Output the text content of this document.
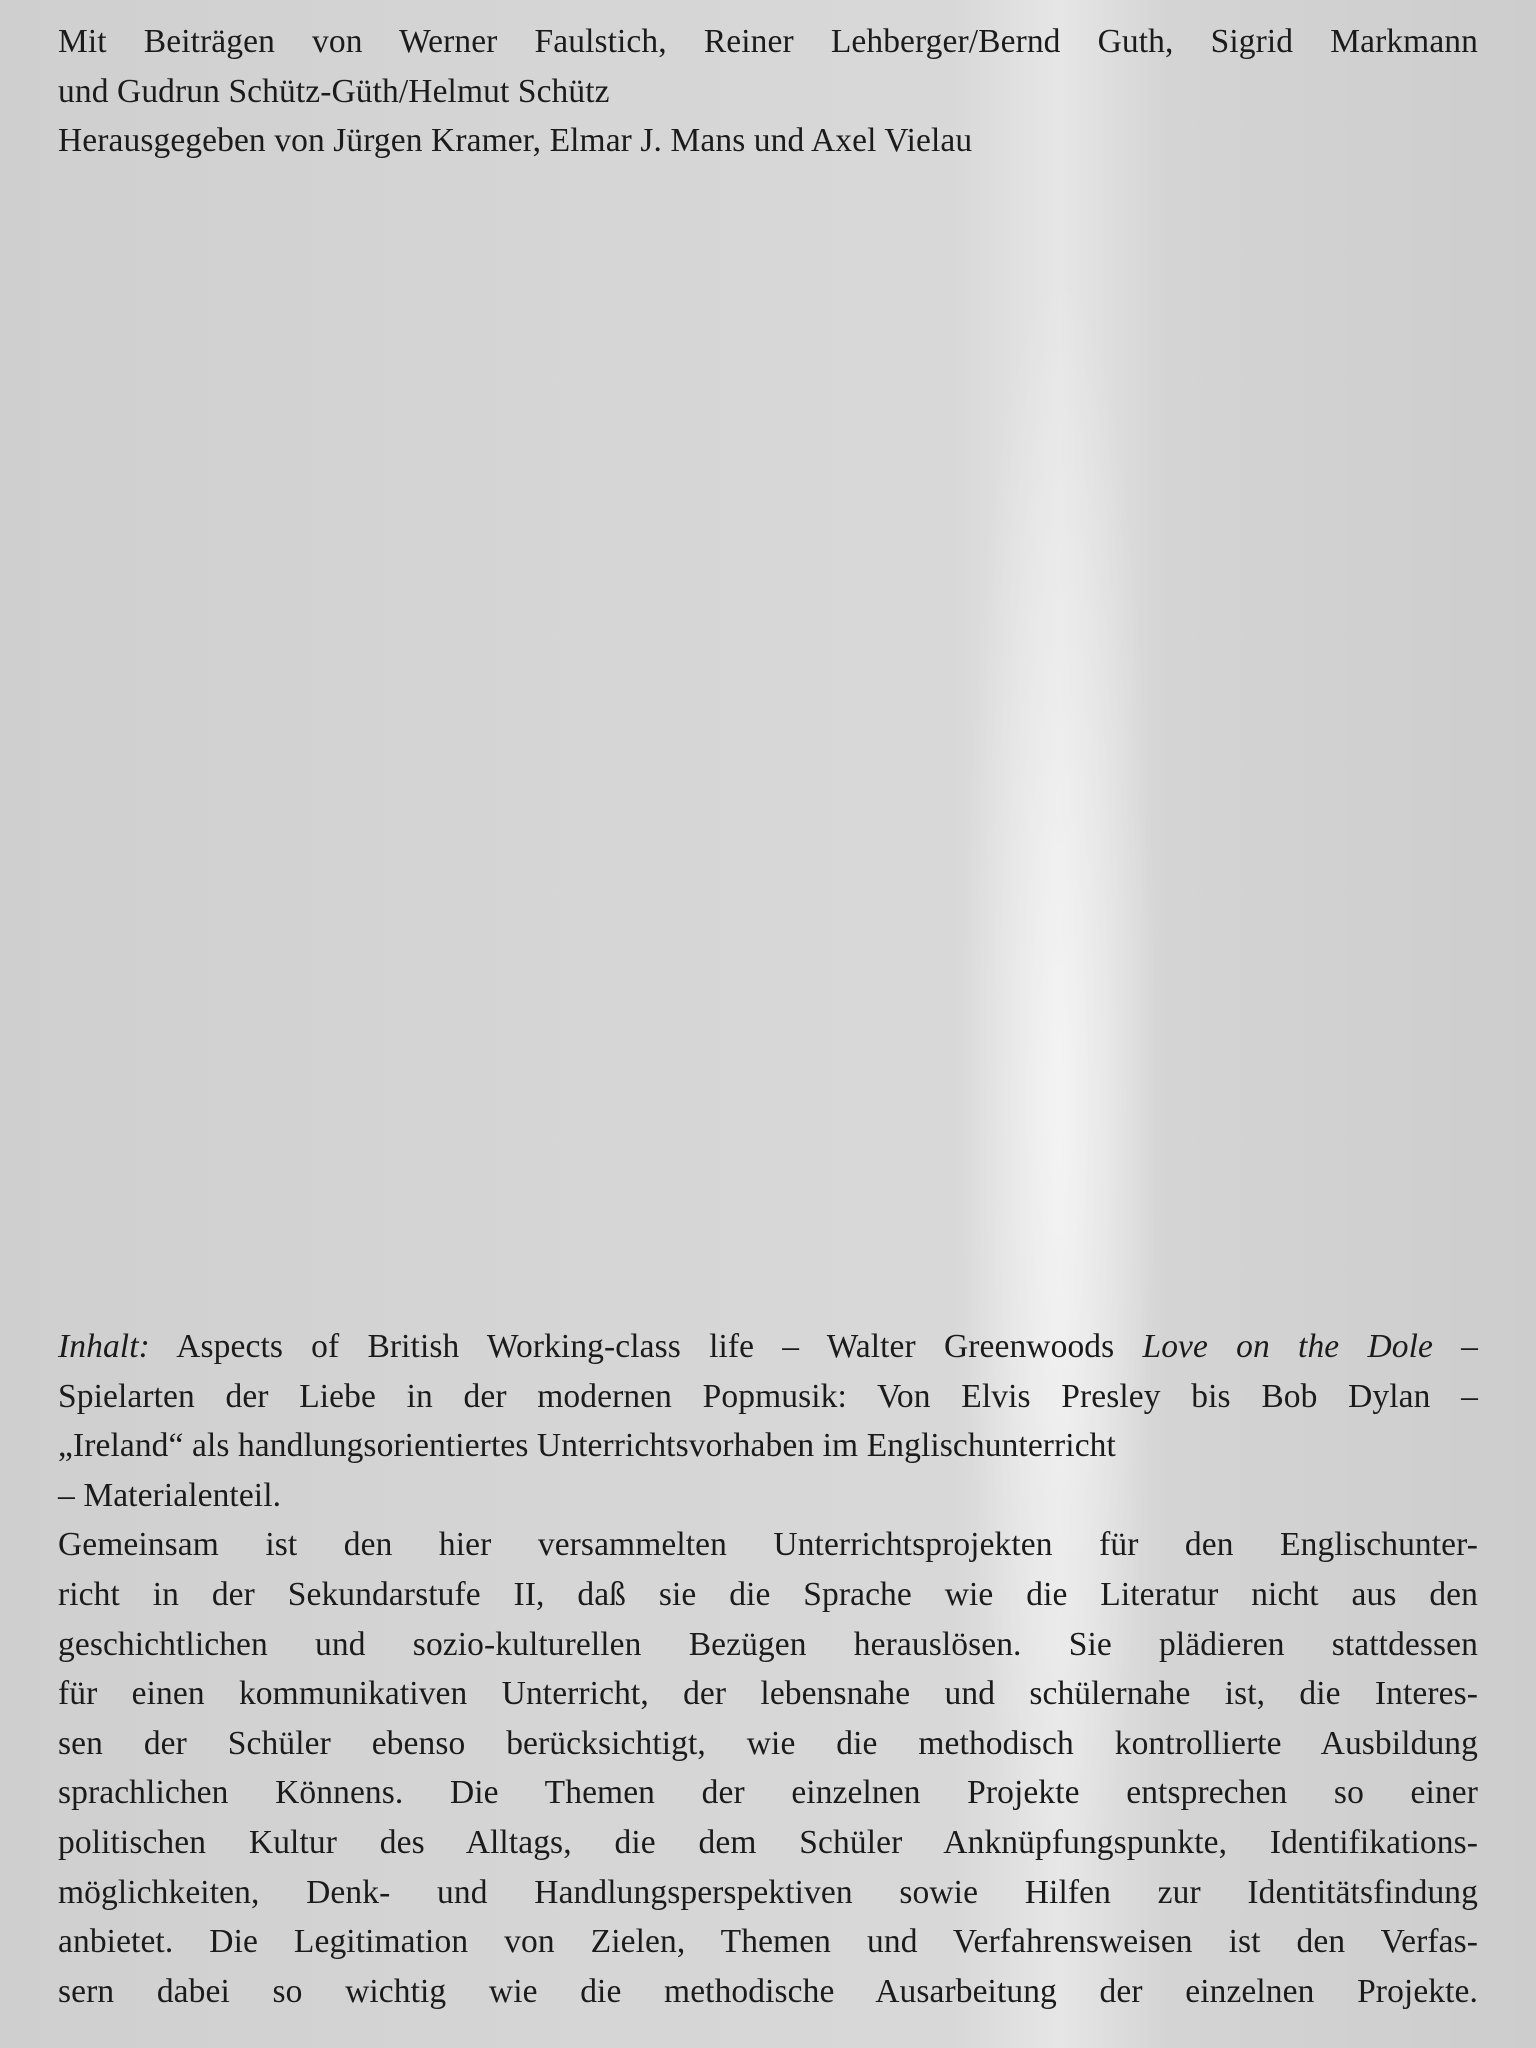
Mit Beiträgen von Werner Faulstich, Reiner Lehberger/Bernd Guth, Sigrid Markmann
und Gudrun Schütz-Güth/Helmut Schütz
Herausgegeben von Jürgen Kramer, Elmar J. Mans und Axel Vielau
Inhalt: Aspects of British Working-class life – Walter Greenwoods Love on the Dole –
Spielarten der Liebe in der modernen Popmusik: Von Elvis Presley bis Bob Dylan –
„Ireland“ als handlungsorientiertes Unterrichtsvorhaben im Englischunterricht
– Materialenteil.
Gemeinsam ist den hier versammelten Unterrichtsprojekten für den Englischunter-
richt in der Sekundarstufe II, daß sie die Sprache wie die Literatur nicht aus den
geschichtlichen und sozio-kulturellen Bezügen herauslösen. Sie plädieren stattdessen
für einen kommunikativen Unterricht, der lebensnahe und schülernahe ist, die Interes-
sen der Schüler ebenso berücksichtigt, wie die methodisch kontrollierte Ausbildung
sprachlichen Könnens. Die Themen der einzelnen Projekte entsprechen so einer
politischen Kultur des Alltags, die dem Schüler Anknüpfungspunkte, Identifikations-
möglichkeiten, Denk- und Handlungsperspektiven sowie Hilfen zur Identitätsfindung
anbietet. Die Legitimation von Zielen, Themen und Verfahrensweisen ist den Verfas-
sern dabei so wichtig wie die methodische Ausarbeitung der einzelnen Projekte.
